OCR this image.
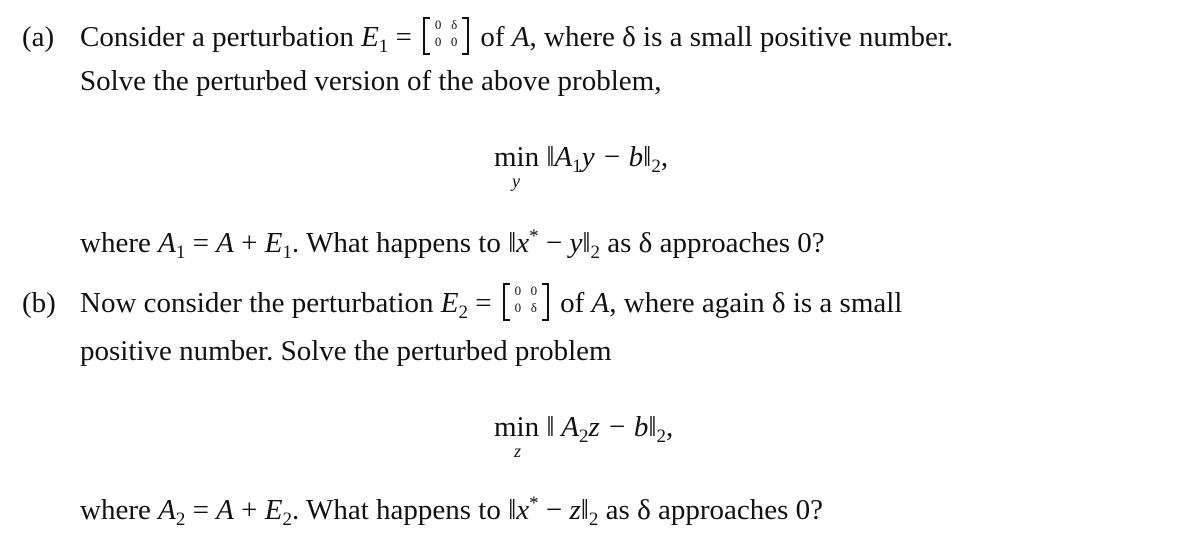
(a) Consider a perturbation $E_1 = 0$ δ
0 0 of A, where δ is a small positive number.
Solve the perturbed version of the above problem,
$\min ‖A_1y$ − $b‖_2$,
y
where $A_1 = A + E_1$. What happens to ‖x* − $y‖_2$ as δ approaches 0?
(b) Now consider the perturbation $E_2 = 0$ 0
0 δ of A, where again δ is a small
positive number. Solve the perturbed problem
min ‖ $A_2z$ − $b‖_2$,
z
where $A_2 = A + E_2$. What happens to ‖x* − $z‖_2$ as δ approaches 0?
